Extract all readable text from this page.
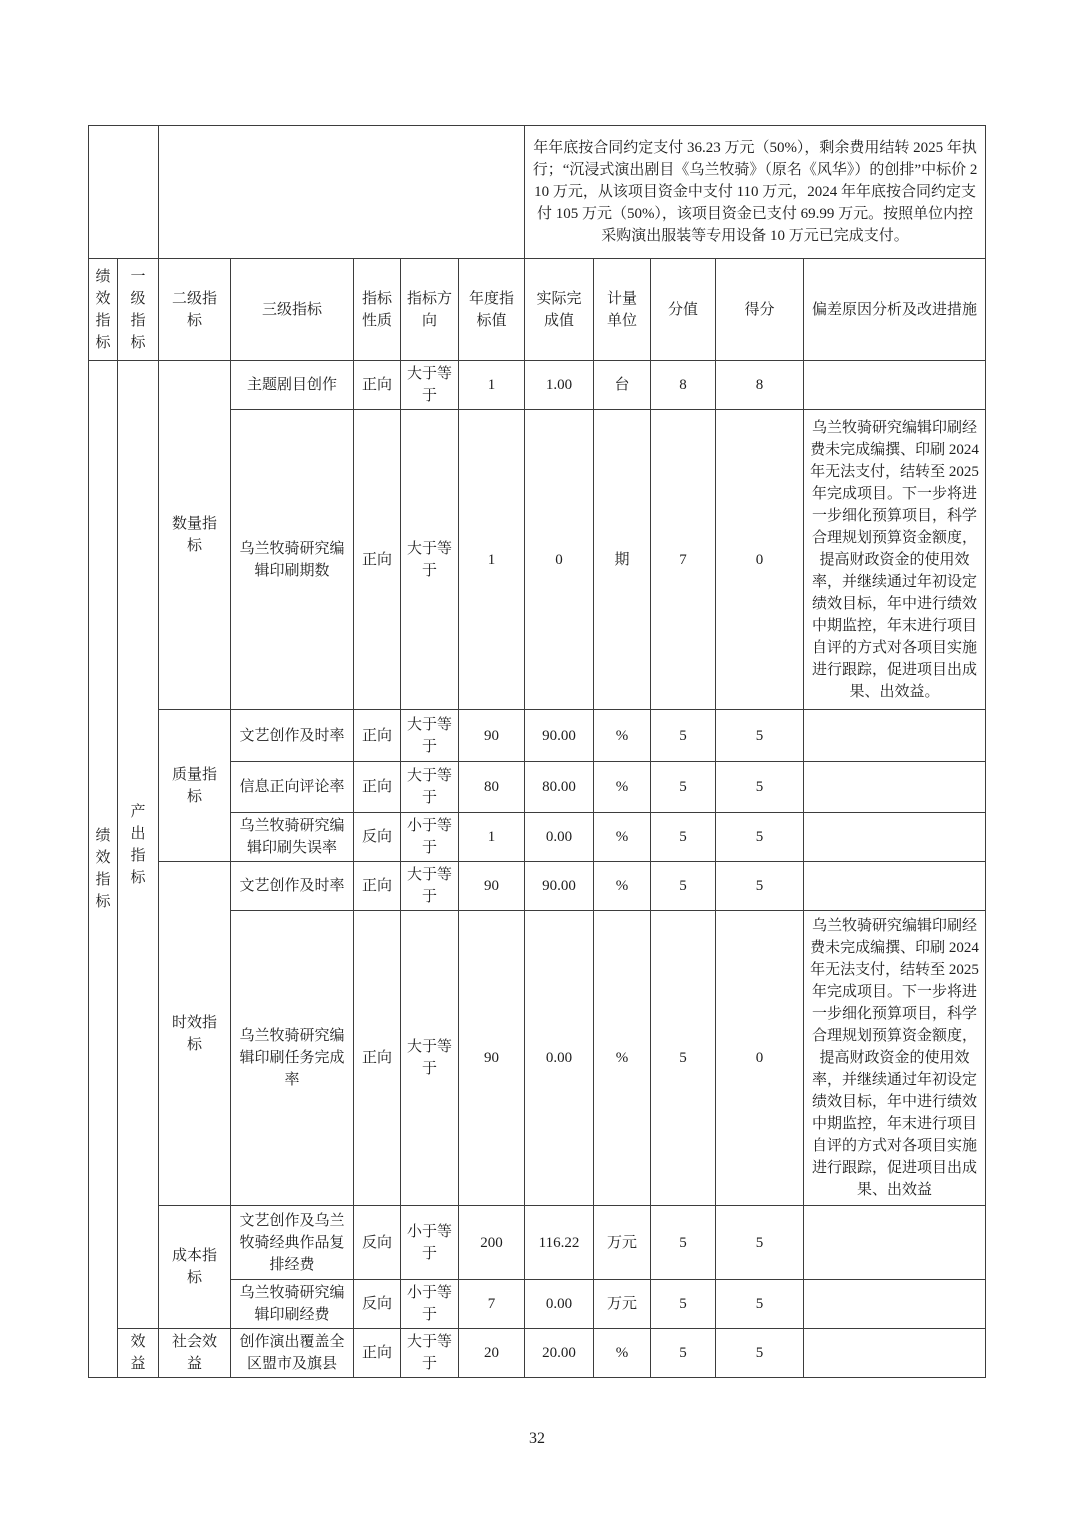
							年年底按合同约定支付 36.23 万元（50%），剩余费用结转 2025 年执行；“沉浸式演出剧目《乌兰牧骑》（原名《风华》）的创排”中标价 210 万元，从该项目资金中支付 110 万元，2024 年年底按合同约定支付 105 万元（50%），该项目资金已支付 69.99 万元。按照单位内控采购演出服装等专用设备 10 万元已完成支付。				
绩效指标	一级指标	二级指标	三级指标	指标性质	指标方向	年度指标值	实际完成值	计量单位	分值	得分	偏差原因分析及改进措施
绩效指标	产出指标	数量指标	主题剧目创作	正向	大于等于	1	1.00	台	8	8	
			乌兰牧骑研究编辑印刷期数	正向	大于等于	1	0	期	7	0	乌兰牧骑研究编辑印刷经费未完成编撰、印刷 2024 年无法支付，结转至 2025 年完成项目。下一步将进一步细化预算项目，科学合理规划预算资金额度，提高财政资金的使用效率，并继续通过年初设定绩效目标，年中进行绩效中期监控，年末进行项目自评的方式对各项目实施进行跟踪，促进项目出成果、出效益。
		质量指标	文艺创作及时率	正向	大于等于	90	90.00	%	5	5	
			信息正向评论率	正向	大于等于	80	80.00	%	5	5	
			乌兰牧骑研究编辑印刷失误率	反向	小于等于	1	0.00	%	5	5	
		时效指标	文艺创作及时率	正向	大于等于	90	90.00	%	5	5	
			乌兰牧骑研究编辑印刷任务完成率	正向	大于等于	90	0.00	%	5	0	乌兰牧骑研究编辑印刷经费未完成编撰、印刷 2024 年无法支付，结转至 2025 年完成项目。下一步将进一步细化预算项目，科学合理规划预算资金额度，提高财政资金的使用效率，并继续通过年初设定绩效目标，年中进行绩效中期监控，年末进行项目自评的方式对各项目实施进行跟踪，促进项目出成果、出效益
		成本指标	文艺创作及乌兰牧骑经典作品复排经费	反向	小于等于	200	116.22	万元	5	5	
			乌兰牧骑研究编辑印刷经费	反向	小于等于	7	0.00	万元	5	5	
	效益	社会效益	创作演出覆盖全区盟市及旗县	正向	大于等于	20	20.00	%	5	5	
32
